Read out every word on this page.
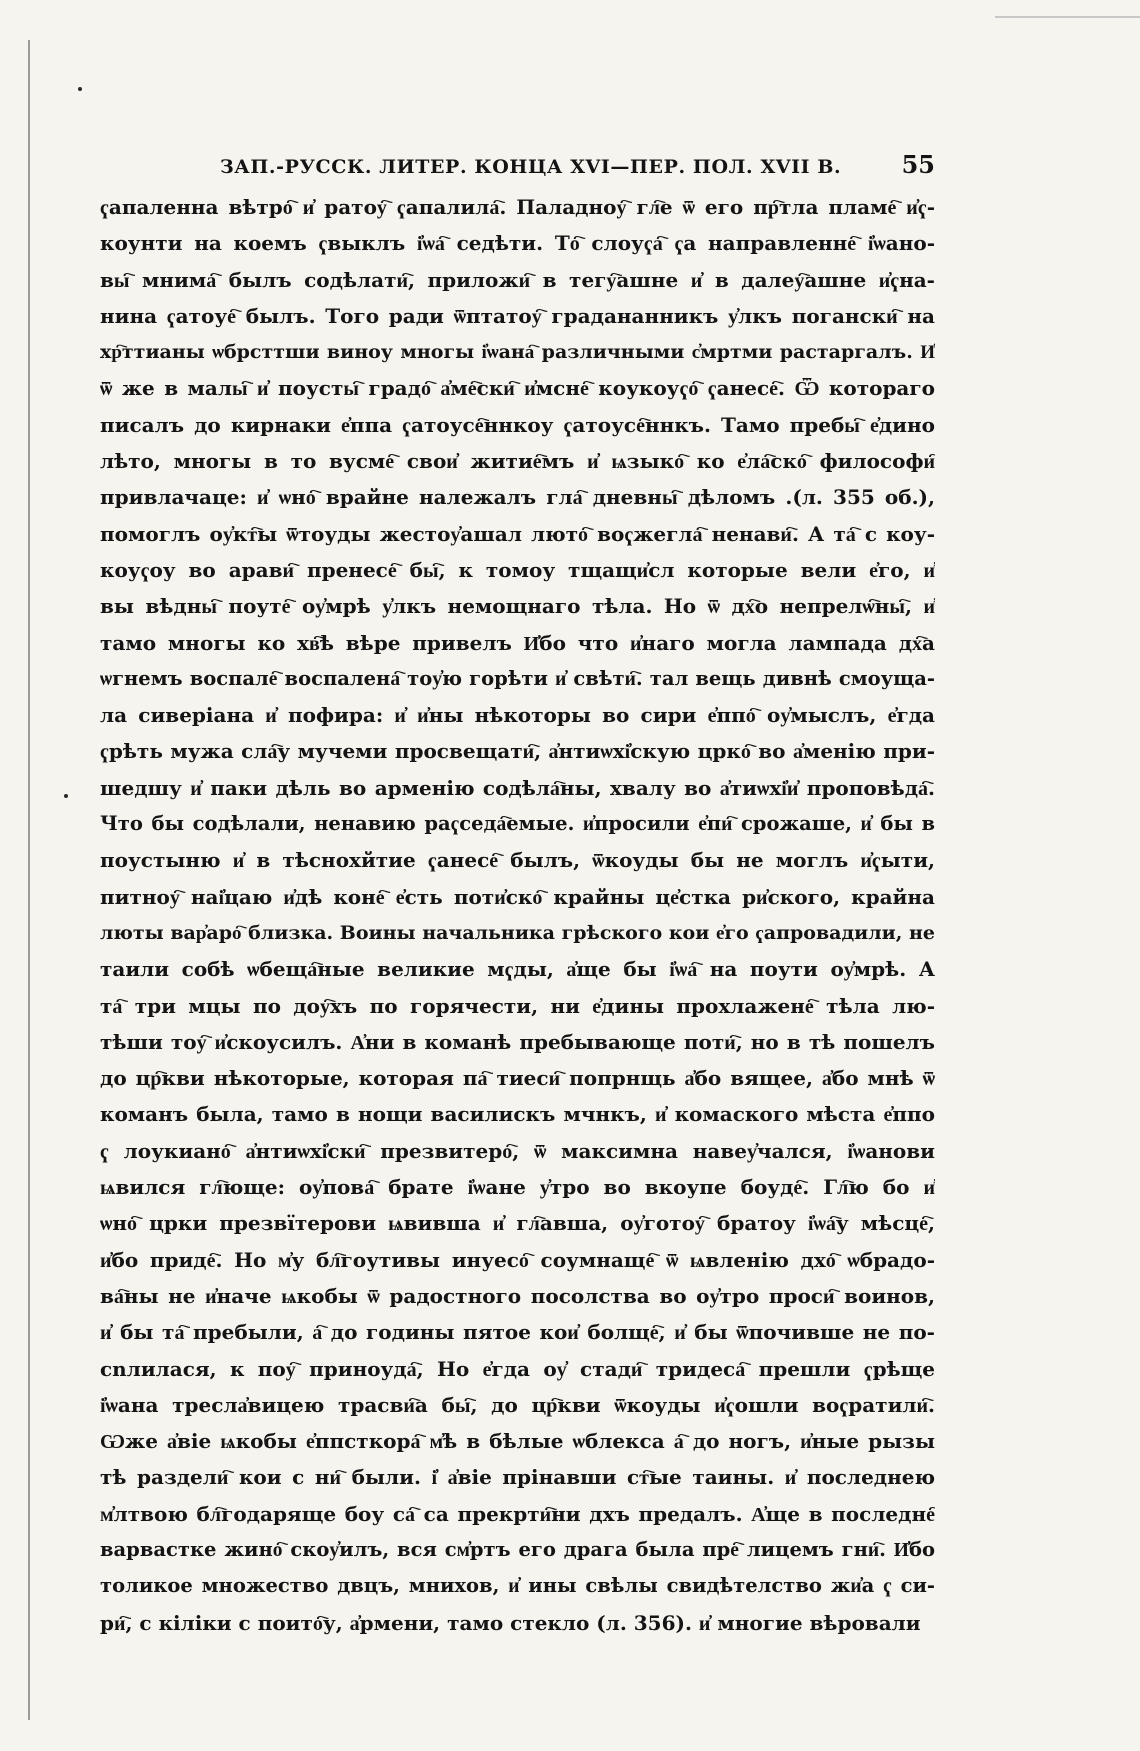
ЗАП.-РУСCК. ЛИТЕР. КОНЦА XVI—ПЕР. ПОЛ. XVII В.	55
ҁапаленна вѣтро҇ и҆ ратоу҇ ҁапалила҇. Паладноу҇ гл҇е ѿ его пр҇тла пламе҇ и҆ҁ-
коунти на коемъ ҁвыклъ і҆ѡа҇ седѣти. То҇ слоуҁа҇ ҁа направленне҇ і҆ѡано-
вы҇ мнима҇ былъ содѣлати҇, приложи҇ в тегу҇ашне и҆ в далеу҇ашне и҆ҁна-
нина ҁатоуе҇ былъ. Того ради ѿптатоу҇ градананникъ у҆лкъ погански҇ на
хр҇ттианы ѡбрсттши винoу многы і҆ѡана҇ различными с҆мртми растаргалъ. И҆
ѿ же в малы҇ и҆ поусты҇ градо҇ а҆ме҇ски҇ и҆мсне҇ коукоуҁо҇ ҁанесе҇. Ѿ котораго
писалъ до кирнаки е҆ппа ҁатоусе҇ннкоу ҁатоусе҇ннкъ. Тамо пребы҇ е҆дино
лѣто, многы в то вусме҇ свои҆ житие҇мъ и҆ ѩзыко҇ ко е҆ла҇ско҇ философи҇
привлачаце: и҆ ѡно҇ врайне належалъ гла҇ дневны҇ дѣломъ .(л. 355 об.),
помоглъ оу҆кт҇ы ѿтоуды жестоу҆ашал люто҇ воҁжегла҇ ненави҇. А та҇ с коу-
коуҁоу во арави҇ пренесе҇ бы҇, к томоу тщащи҆сл которые вели е҆го, и҆
вы вѣдны҇ поуте҇ оу҆мрѣ у҆лкъ немощнаго тѣла. Но ѿ дх҇о непрелѡ҇ны҇, и҆
тамо многы ко хв҇ѣ вѣре привелъ И҆бо что и҆наго могла лампада дх҇а
ѡгнемъ воспале҇ воспалена҇ тоу҆ю горѣти и҆ свѣти҇. тал вещь дивнѣ смоуща-
ла сиверіана и҆ пофира: и҆ и҆ны нѣкоторы во сири е҆ппо҇ оу҆мыслъ, е҆гда
ҁрѣть мужа сла҇у мучеми просвещати҇, а҆нтиѡхі҆скую црко҇ во а҆менію при-
шедшу и҆ паки дѣль во арменію содѣла҇ны, хвалу во а҆тиѡхі҆и҆ проповѣда҇.
Что бы содѣлали, ненавию раҁседа҇емые. и҆проcили е҆пи҇ срожаше, и҆ бы в
поустыню и҆ в тѣснохйтие ҁанесе҇ былъ, ѿкоуды бы не моглъ и҆ҁыти,
питноу҇ наі҆цаю и҆дѣ коне҇ е҆сть поти҆ско҇ крайны це҆стка ри҆ского, крайна
люты вар҆аро҇ близка. Воины начальника грѣского кои е҆го ҁапровадили, не
таили собѣ ѡбеща҇ные великие мҁды, а҆ще бы і҆ѡа҇ на поути оу҆мрѣ. А
та҇ три мцы по доу҇хъ по горячести, ни е҆дины прохлажене҇ тѣла лю-
тѣши тоу҇ и҆скоусилъ. А҆ни в команѣ пребывающе поти҇, но в тѣ пошелъ
до цр҇кви нѣкоторые, которая па҇ тиеси҇ попрнщь а҆бо вящее, а҆бо мнѣ ѿ
команъ была, тамо в нощи василискъ мчнкъ, и҆ комаского мѣста е҆ппо
ҁ лоукиано҇ а҆нтиѡхі҆ски҇ презвитеро҇, ѿ максимна навеу҆чался, і҆ѡанови
ѩвился гл҇юще: оу҆пова҇ брате і҆ѡане у҆тро во вкоупе боуде҇. Гл҇ю бо и҆
ѡно҇ црки презвїтерови ѩвивша и҆ гл҇авша, оу҆готоу҇ братоу і҆ѡа҇у мѣсце҇,
и҆бо приде҇. Но м҆у бл҇гоутивы инуесо҇ соумнаще҇ ѿ ѩвленію дхо҇ ѡбрадо-
ва҇ны не и҆наче ѩкобы ѿ радостного посолства во оу҆тро проси҇ воинов,
и҆ бы та҇ пребыли, а҇ до годины пятое кои҆ болще҇, и҆ бы ѿпочивше не по-
сnлилася, к поу҇ приноуда҇, Но е҆гда оу҆ стади҇ тридеса҇ прешли ҁрѣще
і҆ѡана тресла҆вицею трасви҇а бы҇, до цр҇кви ѿкоуды и҆ҁошли воҁратили҇.
Ѡже а҆вiе ѩкобы е҆ппсткора҇ м҆ѣ в бѣлые ѡблекса а҇ до ногъ, и҆ные рызы
тѣ раздели҇ кои с ни҇ были. і҆ а҆віе прiнавши ст҇ые таины. и҆ последнею
м҆лтвою бл҇годаряще боу са҇ са прекрти҇ни дхъ предалъ. А҆ще в последне҇
варвастке жино҇ скоу҆илъ, вся см҆ртъ его драга была пре҇ лицемъ гни҇. И҆бо
толикое множество двцъ, мнихов, и҆ ины свѣлы свидѣтелство жи҆а ҁ си-
ри҇, с кiлiки с поито҇у, а҆рмени, тамо стекло (л. 356). и҆ многие вѣровали
